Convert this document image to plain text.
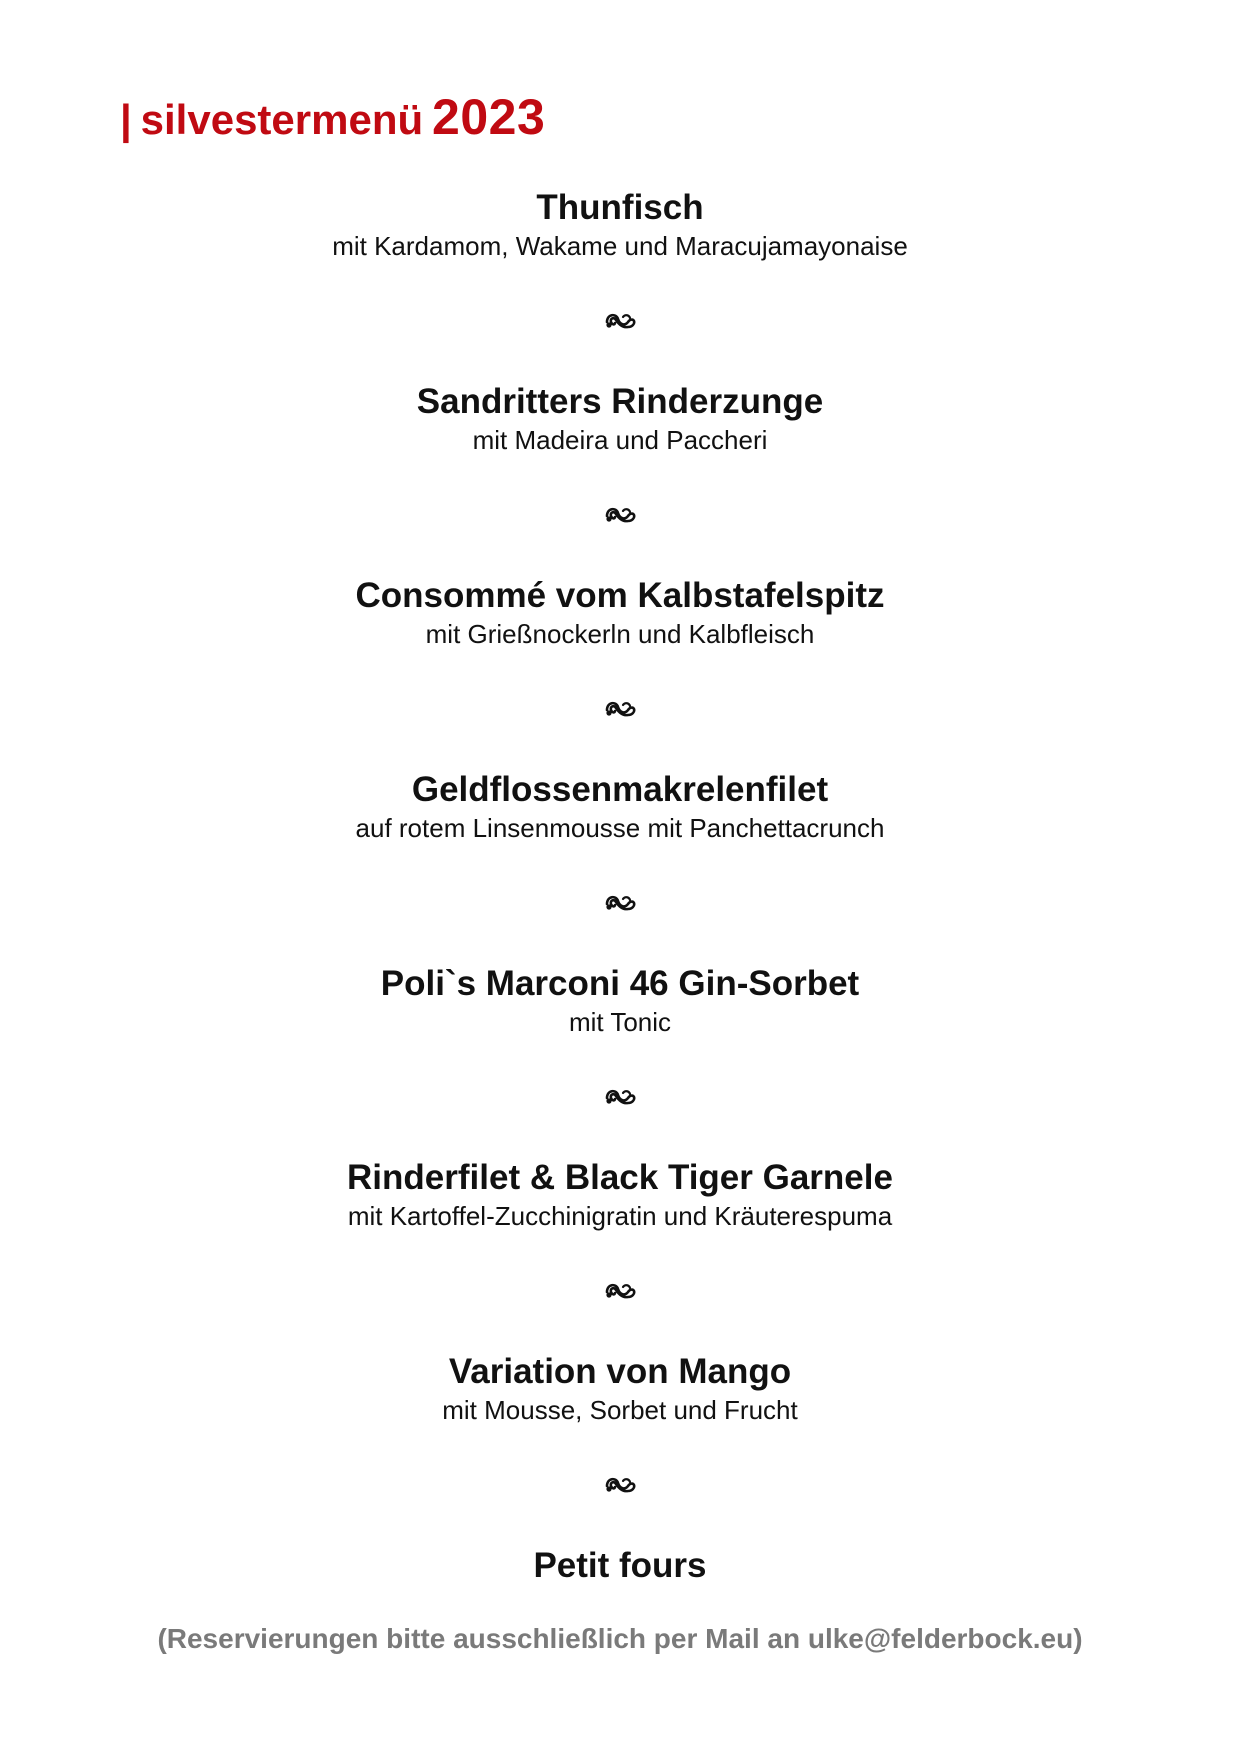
| silvestermenü 2023
Thunfisch
mit Kardamom, Wakame und Maracujamayonaise
Sandritters Rinderzunge
mit Madeira und Paccheri
Consommé vom Kalbstafelspitz
mit Grießnockerln und Kalbfleisch
Geldflossenmakrelenfilet
auf rotem Linsenmousse mit Panchettacrunch
Poli`s Marconi 46 Gin-Sorbet
mit Tonic
Rinderfilet & Black Tiger Garnele
mit Kartoffel-Zucchinigratin und Kräuterespuma
Variation von Mango
mit Mousse, Sorbet und Frucht
Petit fours
(Reservierungen bitte ausschließlich per Mail an ulke@felderbock.eu)
